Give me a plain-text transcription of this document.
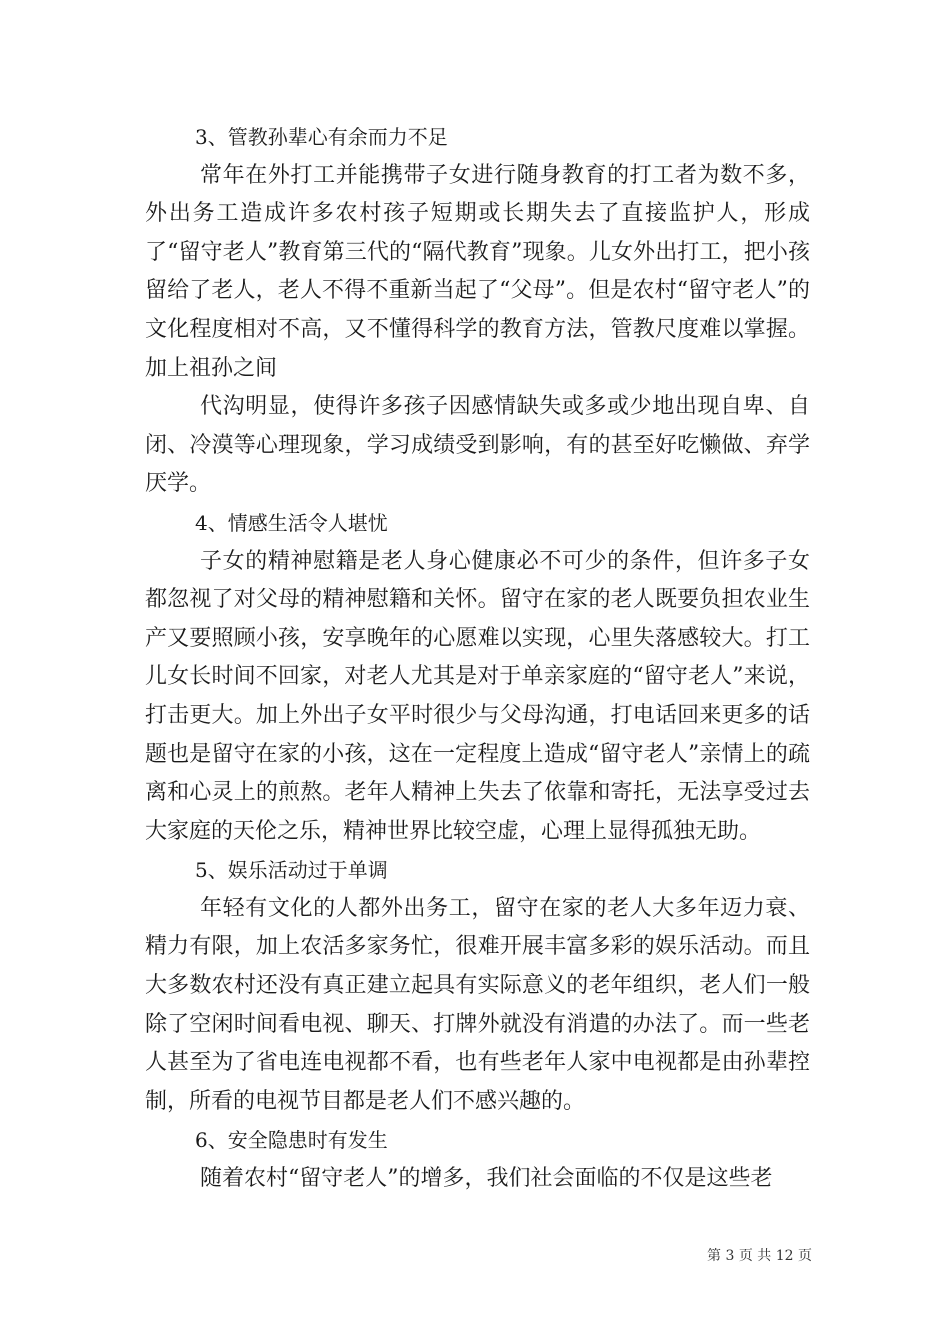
3、管教孙辈心有余而力不足

常年在外打工并能携带子女进行随身教育的打工者为数不多，外出务工造成许多农村孩子短期或长期失去了直接监护人，形成了“留守老人”教育第三代的“隔代教育”现象。儿女外出打工，把小孩留给了老人，老人不得不重新当起了“父母”。但是农村“留守老人”的文化程度相对不高，又不懂得科学的教育方法，管教尺度难以掌握。加上祖孙之间

代沟明显，使得许多孩子因感情缺失或多或少地出现自卑、自闭、冷漠等心理现象，学习成绩受到影响，有的甚至好吃懒做、弃学厌学。

4、情感生活令人堪忧

子女的精神慰籍是老人身心健康必不可少的条件，但许多子女都忽视了对父母的精神慰籍和关怀。留守在家的老人既要负担农业生产又要照顾小孩，安享晚年的心愿难以实现，心里失落感较大。打工儿女长时间不回家，对老人尤其是对于单亲家庭的“留守老人”来说，打击更大。加上外出子女平时很少与父母沟通，打电话回来更多的话题也是留守在家的小孩，这在一定程度上造成“留守老人”亲情上的疏离和心灵上的煎熬。老年人精神上失去了依靠和寄托，无法享受过去大家庭的天伦之乐，精神世界比较空虚，心理上显得孤独无助。

5、娱乐活动过于单调

年轻有文化的人都外出务工，留守在家的老人大多年迈力衰、精力有限，加上农活多家务忙，很难开展丰富多彩的娱乐活动。而且大多数农村还没有真正建立起具有实际意义的老年组织，老人们一般除了空闲时间看电视、聊天、打牌外就没有消遣的办法了。而一些老人甚至为了省电连电视都不看，也有些老年人家中电视都是由孙辈控制，所看的电视节目都是老人们不感兴趣的。

6、安全隐患时有发生

随着农村“留守老人”的增多，我们社会面临的不仅是这些老

第 3 页 共 12 页
